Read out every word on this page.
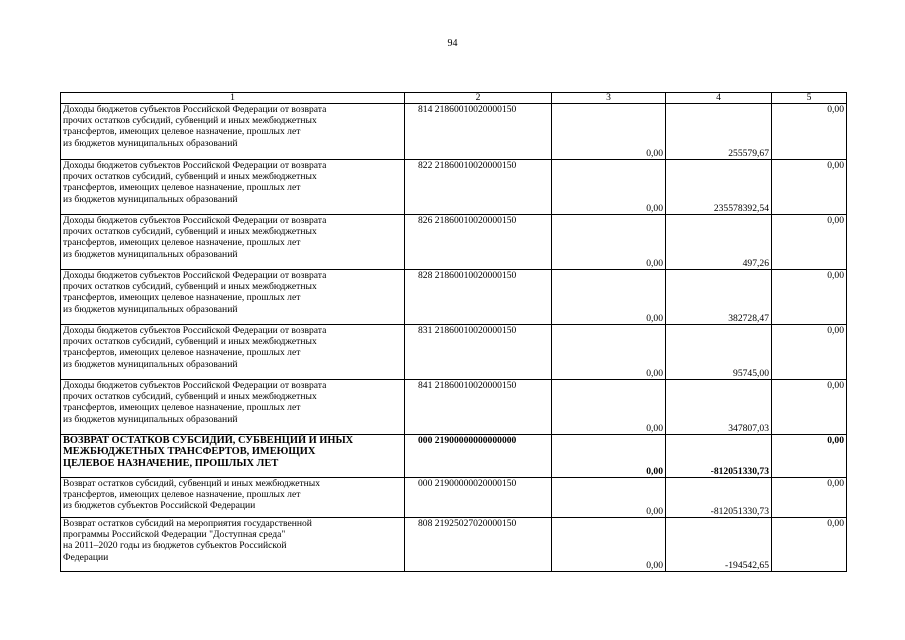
94
1	2	3	4	5
Доходы бюджетов субъектов Российской Федерации от возврата
прочих остатков субсидий, субвенций и иных межбюджетных
трансфертов, имеющих целевое назначение, прошлых лет
из бюджетов муниципальных образований	814 21860010020000150	0,00	255579,67	0,00
Доходы бюджетов субъектов Российской Федерации от возврата
прочих остатков субсидий, субвенций и иных межбюджетных
трансфертов, имеющих целевое назначение, прошлых лет
из бюджетов муниципальных образований	822 21860010020000150	0,00	235578392,54	0,00
Доходы бюджетов субъектов Российской Федерации от возврата
прочих остатков субсидий, субвенций и иных межбюджетных
трансфертов, имеющих целевое назначение, прошлых лет
из бюджетов муниципальных образований	826 21860010020000150	0,00	497,26	0,00
Доходы бюджетов субъектов Российской Федерации от возврата
прочих остатков субсидий, субвенций и иных межбюджетных
трансфертов, имеющих целевое назначение, прошлых лет
из бюджетов муниципальных образований	828 21860010020000150	0,00	382728,47	0,00
Доходы бюджетов субъектов Российской Федерации от возврата
прочих остатков субсидий, субвенций и иных межбюджетных
трансфертов, имеющих целевое назначение, прошлых лет
из бюджетов муниципальных образований	831 21860010020000150	0,00	95745,00	0,00
Доходы бюджетов субъектов Российской Федерации от возврата
прочих остатков субсидий, субвенций и иных межбюджетных
трансфертов, имеющих целевое назначение, прошлых лет
из бюджетов муниципальных образований	841 21860010020000150	0,00	347807,03	0,00
ВОЗВРАТ ОСТАТКОВ СУБСИДИЙ, СУБВЕНЦИЙ И ИНЫХ
МЕЖБЮДЖЕТНЫХ ТРАНСФЕРТОВ, ИМЕЮЩИХ
ЦЕЛЕВОЕ НАЗНАЧЕНИЕ, ПРОШЛЫХ ЛЕТ	000 21900000000000000	0,00	-812051330,73	0,00
Возврат остатков субсидий, субвенций и иных межбюджетных
трансфертов, имеющих целевое назначение, прошлых лет
из бюджетов субъектов Российской Федерации	000 21900000020000150	0,00	-812051330,73	0,00
Возврат остатков субсидий на мероприятия государственной
программы Российской Федерации "Доступная среда"
на 2011–2020 годы из бюджетов субъектов Российской
Федерации	808 21925027020000150	0,00	-194542,65	0,00
